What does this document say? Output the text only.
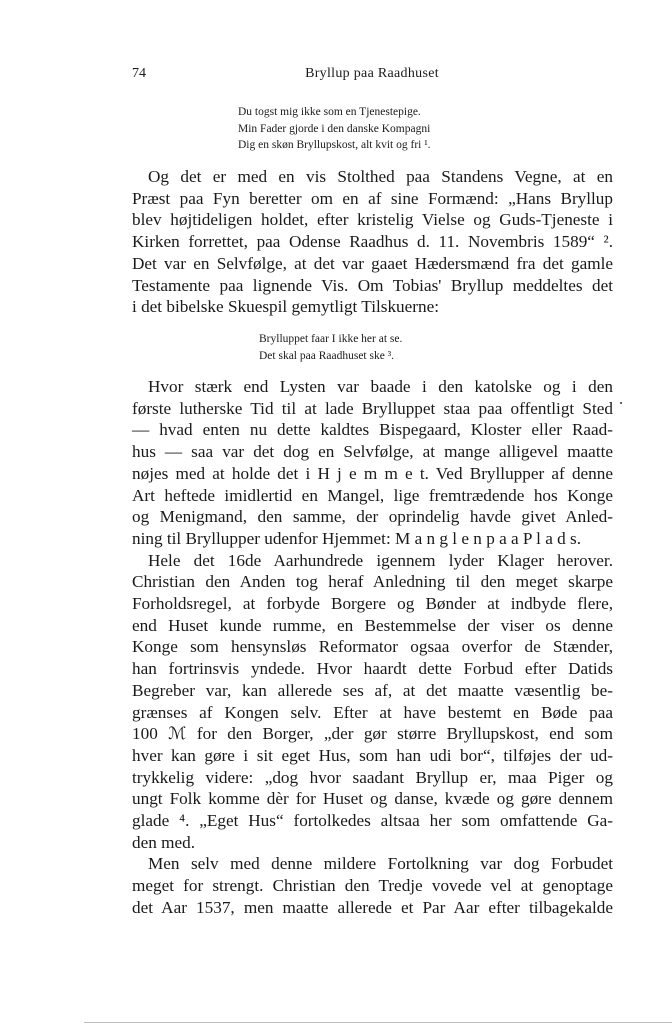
74	Bryllup paa Raadhuset
Du togst mig ikke som en Tjenestepige.
Min Fader gjorde i den danske Kompagni
Dig en skøn Bryllupskost, alt kvit og fri ¹.
Og det er med en vis Stolthed paa Standens Vegne, at en
Præst paa Fyn beretter om en af sine Formænd: „Hans Bryllup
blev højtideligen holdet, efter kristelig Vielse og Guds-Tjeneste i
Kirken forrettet, paa Odense Raadhus d. 11. Novembris 1589“ ².
Det var en Selvfølge, at det var gaaet Hædersmænd fra det gamle
Testamente paa lignende Vis. Om Tobias' Bryllup meddeltes det
i det bibelske Skuespil gemytligt Tilskuerne:
Brylluppet faar I ikke her at se.
Det skal paa Raadhuset ske ³.
Hvor stærk end Lysten var baade i den katolske og i den
første lutherske Tid til at lade Brylluppet staa paa offentligt Sted
— hvad enten nu dette kaldtes Bispegaard, Kloster eller Raad-
hus — saa var det dog en Selvfølge, at mange alligevel maatte
nøjes med at holde det i H j e m m e t. Ved Bryllupper af denne
Art heftede imidlertid en Mangel, lige fremtrædende hos Konge
og Menigmand, den samme, der oprindelig havde givet Anled-
ning til Bryllupper udenfor Hjemmet: M a n g l e n p a a P l a d s.
Hele det 16de Aarhundrede igennem lyder Klager herover.
Christian den Anden tog heraf Anledning til den meget skarpe
Forholdsregel, at forbyde Borgere og Bønder at indbyde flere,
end Huset kunde rumme, en Bestemmelse der viser os denne
Konge som hensynsløs Reformator ogsaa overfor de Stænder,
han fortrinsvis yndede. Hvor haardt dette Forbud efter Datids
Begreber var, kan allerede ses af, at det maatte væsentlig be-
grænses af Kongen selv. Efter at have bestemt en Bøde paa
100 ℳ for den Borger, „der gør større Bryllupskost, end som
hver kan gøre i sit eget Hus, som han udi bor“, tilføjes der ud-
trykkelig videre: „dog hvor saadant Bryllup er, maa Piger og
ungt Folk komme dèr for Huset og danse, kvæde og gøre dennem
glade ⁴. „Eget Hus“ fortolkedes altsaa her som omfattende Ga-
den med.
Men selv med denne mildere Fortolkning var dog Forbudet
meget for strengt. Christian den Tredje vovede vel at genoptage
det Aar 1537, men maatte allerede et Par Aar efter tilbagekalde
